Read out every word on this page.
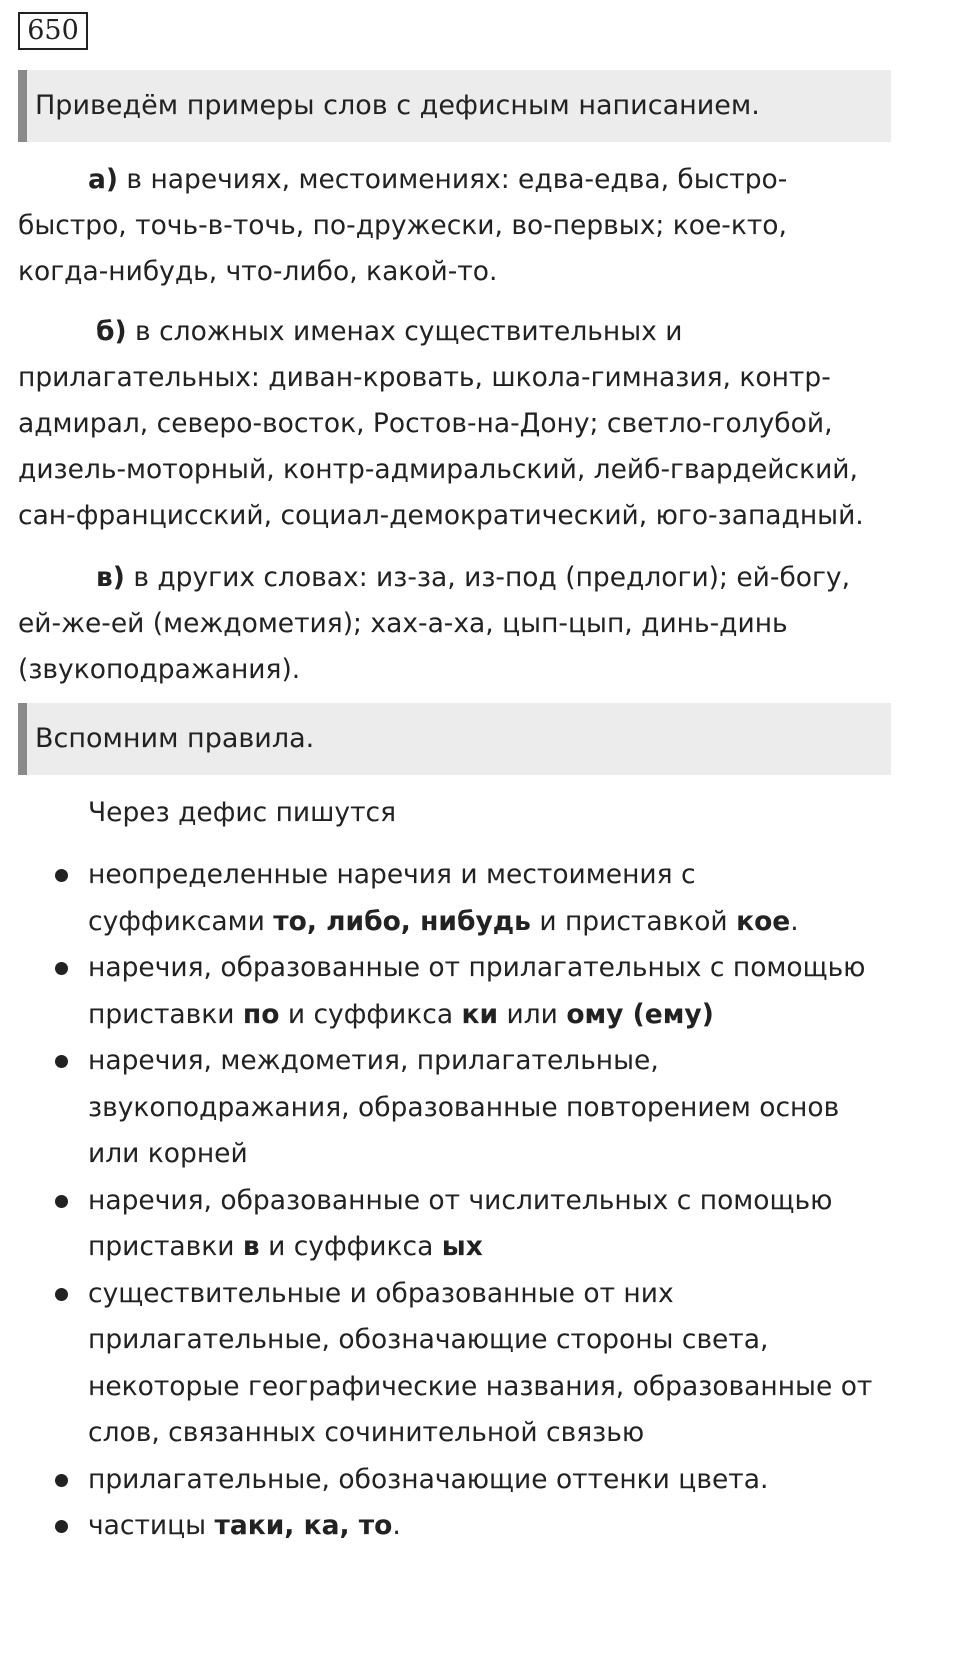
650
Приведём примеры слов с дефисным написанием.
а) в наречиях, местоимениях: едва-едва, быстро-
быстро, точь-в-точь, по-дружески, во-первых; кое-кто,
когда-нибудь, что-либо, какой-то.
б) в сложных именах существительных и
прилагательных: диван-кровать, школа-гимназия, контр-
адмирал, северо-восток, Ростов-на-Дону; светло-голубой,
дизель-моторный, контр-адмиральский, лейб-гвардейский,
сан-францисский, социал-демократический, юго-западный.
в) в других словах: из-за, из-под (предлоги); ей-богу,
ей-же-ей (междометия); хах-а-ха, цып-цып, динь-динь
(звукоподражания).
Вспомним правила.
Через дефис пишутся
неопределенные наречия и местоимения с
суффиксами то, либо, нибудь и приставкой кое.
наречия, образованные от прилагательных с помощью
приставки по и суффикса ки или ому (ему)
наречия, междометия, прилагательные,
звукоподражания, образованные повторением основ
или корней
наречия, образованные от числительных с помощью
приставки в и суффикса ых
существительные и образованные от них
прилагательные, обозначающие стороны света,
некоторые географические названия, образованные от
слов, связанных сочинительной связью
прилагательные, обозначающие оттенки цвета.
частицы таки, ка, то.
